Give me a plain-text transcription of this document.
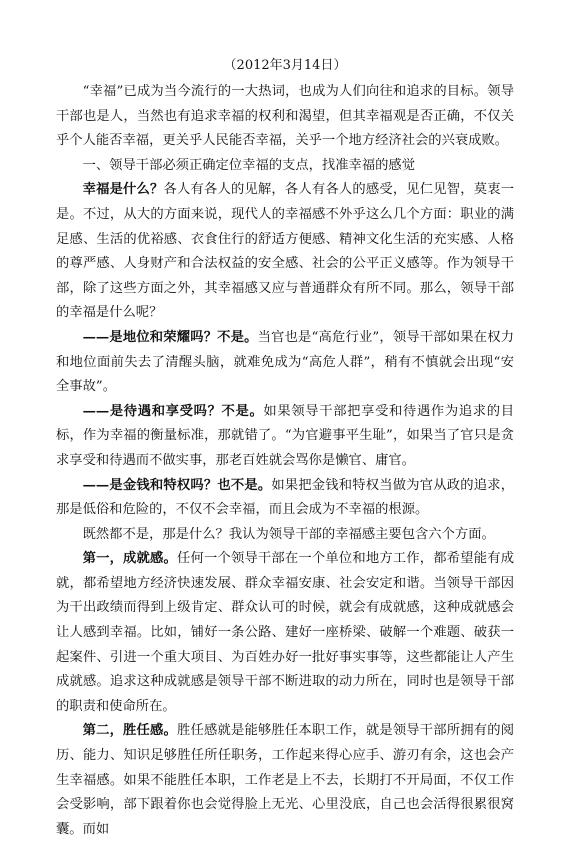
（2012年3月14日）

“幸福”已成为当今流行的一大热词，也成为人们向往和追求的目标。领导干部也是人，当然也有追求幸福的权利和渴望，但其幸福观是否正确，不仅关乎个人能否幸福，更关乎人民能否幸福，关乎一个地方经济社会的兴衰成败。

一、领导干部必须正确定位幸福的支点，找准幸福的感觉

幸福是什么？各人有各人的见解，各人有各人的感受，见仁见智，莫衷一是。不过，从大的方面来说，现代人的幸福感不外乎这么几个方面：职业的满足感、生活的优裕感、衣食住行的舒适方便感、精神文化生活的充实感、人格的尊严感、人身财产和合法权益的安全感、社会的公平正义感等。作为领导干部，除了这些方面之外，其幸福感又应与普通群众有所不同。那么，领导干部的幸福是什么呢？

——是地位和荣耀吗？不是。当官也是“高危行业”，领导干部如果在权力和地位面前失去了清醒头脑，就难免成为“高危人群”，稍有不慎就会出现“安全事故”。

——是待遇和享受吗？不是。如果领导干部把享受和待遇作为追求的目标，作为幸福的衡量标准，那就错了。“为官避事平生耻”，如果当了官只是贪求享受和待遇而不做实事，那老百姓就会骂你是懒官、庸官。

——是金钱和特权吗？也不是。如果把金钱和特权当做为官从政的追求，那是低俗和危险的，不仅不会幸福，而且会成为不幸福的根源。

既然都不是，那是什么？我认为领导干部的幸福感主要包含六个方面。

第一，成就感。任何一个领导干部在一个单位和地方工作，都希望能有成就，都希望地方经济快速发展、群众幸福安康、社会安定和谐。当领导干部因为干出政绩而得到上级肯定、群众认可的时候，就会有成就感，这种成就感会让人感到幸福。比如，铺好一条公路、建好一座桥梁、破解一个难题、破获一起案件、引进一个重大项目、为百姓办好一批好事实事等，这些都能让人产生成就感。追求这种成就感是领导干部不断进取的动力所在，同时也是领导干部的职责和使命所在。

第二，胜任感。胜任感就是能够胜任本职工作，就是领导干部所拥有的阅历、能力、知识足够胜任所任职务，工作起来得心应手、游刃有余，这也会产生幸福感。如果不能胜任本职，工作老是上不去，长期打不开局面，不仅工作会受影响，部下跟着你也会觉得脸上无光、心里没底，自己也会活得很累很窝囊。而如
